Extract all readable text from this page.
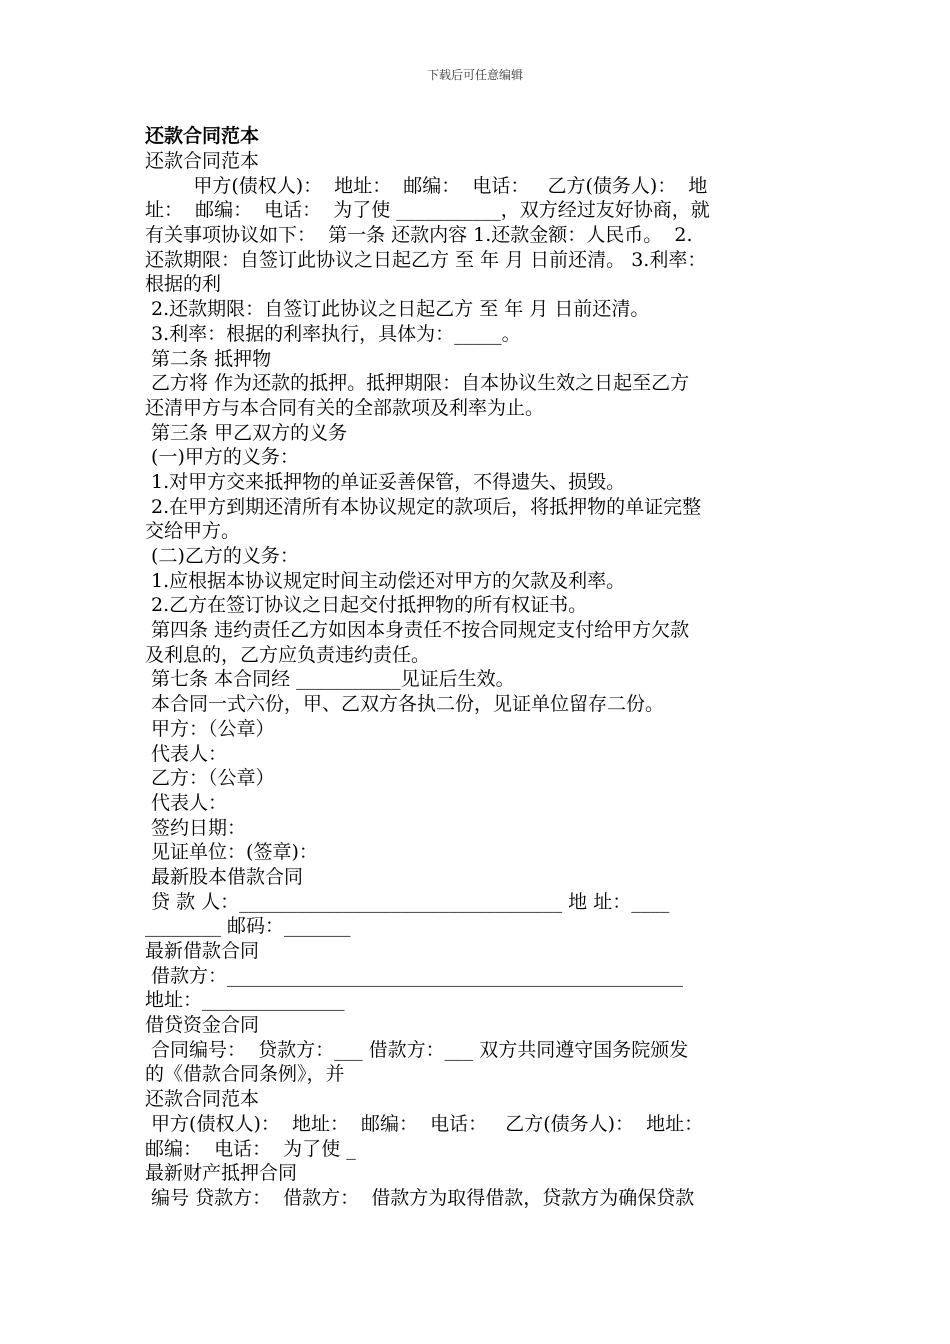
下载后可任意编辑
还款合同范本
还款合同范本
甲方(债权人)：  地址：  邮编：  电话：   乙方(债务人)：  地
址：  邮编：  电话：  为了使 ___________，双方经过友好协商，就
有关事项协议如下：  第一条 还款内容 1.还款金额：人民币。  2.
还款期限：自签订此协议之日起乙方 至 年 月 日前还清。 3.利率：
根据的利
2.还款期限：自签订此协议之日起乙方 至 年 月 日前还清。
3.利率：根据的利率执行，具体为：_____。
第二条 抵押物
乙方将 作为还款的抵押。抵押期限：自本协议生效之日起至乙方
还清甲方与本合同有关的全部款项及利率为止。
第三条 甲乙双方的义务
(一)甲方的义务：
1.对甲方交来抵押物的单证妥善保管，不得遗失、损毁。
2.在甲方到期还清所有本协议规定的款项后，将抵押物的单证完整
交给甲方。
(二)乙方的义务：
1.应根据本协议规定时间主动偿还对甲方的欠款及利率。
2.乙方在签订协议之日起交付抵押物的所有权证书。
第四条 违约责任乙方如因本身责任不按合同规定支付给甲方欠款
及利息的，乙方应负责违约责任。
第七条 本合同经 ___________见证后生效。
本合同一式六份，甲、乙双方各执二份，见证单位留存二份。
甲方：（公章）
代表人：
乙方：（公章）
代表人：
签约日期：
见证单位：(签章)：
最新股本借款合同
贷 款 人：__________________________________ 地 址：____
________ 邮码：_______
最新借款合同
借款方：________________________________________________
地址：_______________
借贷资金合同
合同编号：  贷款方：___ 借款方：___ 双方共同遵守国务院颁发
的《借款合同条例》，并
还款合同范本
甲方(债权人)：  地址：  邮编：  电话：   乙方(债务人)：  地址：
邮编：  电话：  为了使 _
最新财产抵押合同
编号 贷款方：  借款方：  借款方为取得借款，贷款方为确保贷款
